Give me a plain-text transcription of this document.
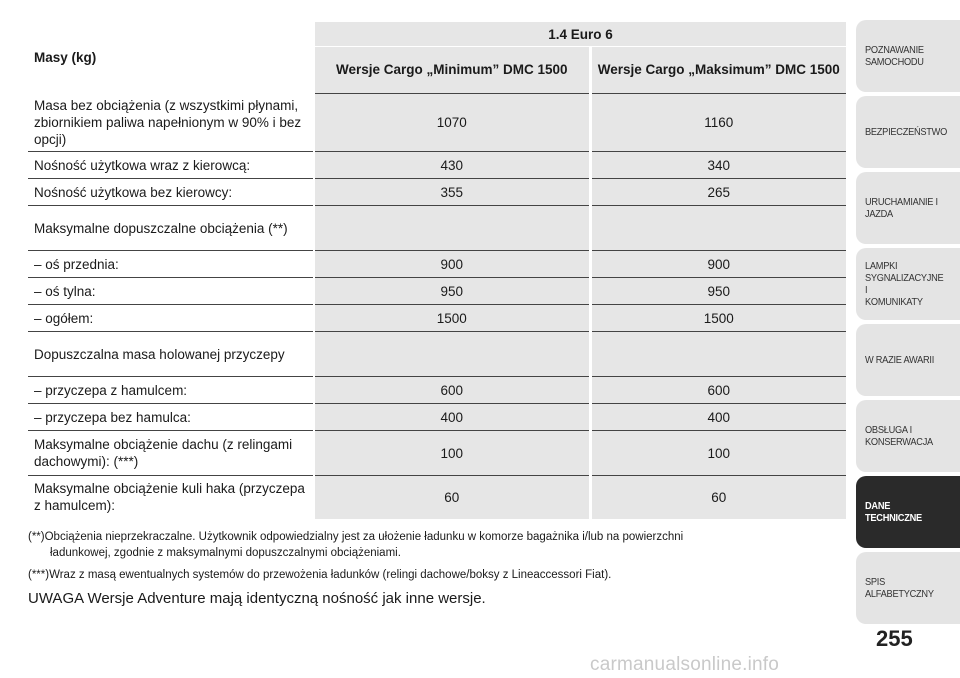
Masy (kg)	1.4 Euro 6	
	Wersje Cargo „Minimum” DMC 1500	Wersje Cargo „Maksimum” DMC 1500
Masa bez obciążenia (z wszystkimi płynami, zbiornikiem paliwa napełnionym w 90% i bez opcji)	1070	1160
Nośność użytkowa wraz z kierowcą:	430	340
Nośność użytkowa bez kierowcy:	355	265
Maksymalne dopuszczalne obciążenia (**)		
– oś przednia:	900	900
– oś tylna:	950	950
– ogółem:	1500	1500
Dopuszczalna masa holowanej przyczepy		
– przyczepa z hamulcem:	600	600
– przyczepa bez hamulca:	400	400
Maksymalne obciążenie dachu (z relingami dachowymi): (***)	100	100
Maksymalne obciążenie kuli haka (przyczepa z hamulcem):	60	60

(**)Obciążenia nieprzekraczalne. Użytkownik odpowiedzialny jest za ułożenie ładunku w komorze bagażnika i/lub na powierzchni
ładunkowej, zgodnie z maksymalnymi dopuszczalnymi obciążeniami.

(***)Wraz z masą ewentualnych systemów do przewożenia ładunków (relingi dachowe/boksy z Lineaccessori Fiat).

UWAGA Wersje Adventure mają identyczną nośność jak inne wersje.

POZNAWANIE
SAMOCHODU
BEZPIECZEŃSTWO
URUCHAMIANIE I
JAZDA
LAMPKI
SYGNALIZACYJNE I
KOMUNIKATY
W RAZIE AWARII
OBSŁUGA I
KONSERWACJA
DANE
TECHNICZNE
SPIS ALFABETYCZNY
255
carmanualsonline.info
